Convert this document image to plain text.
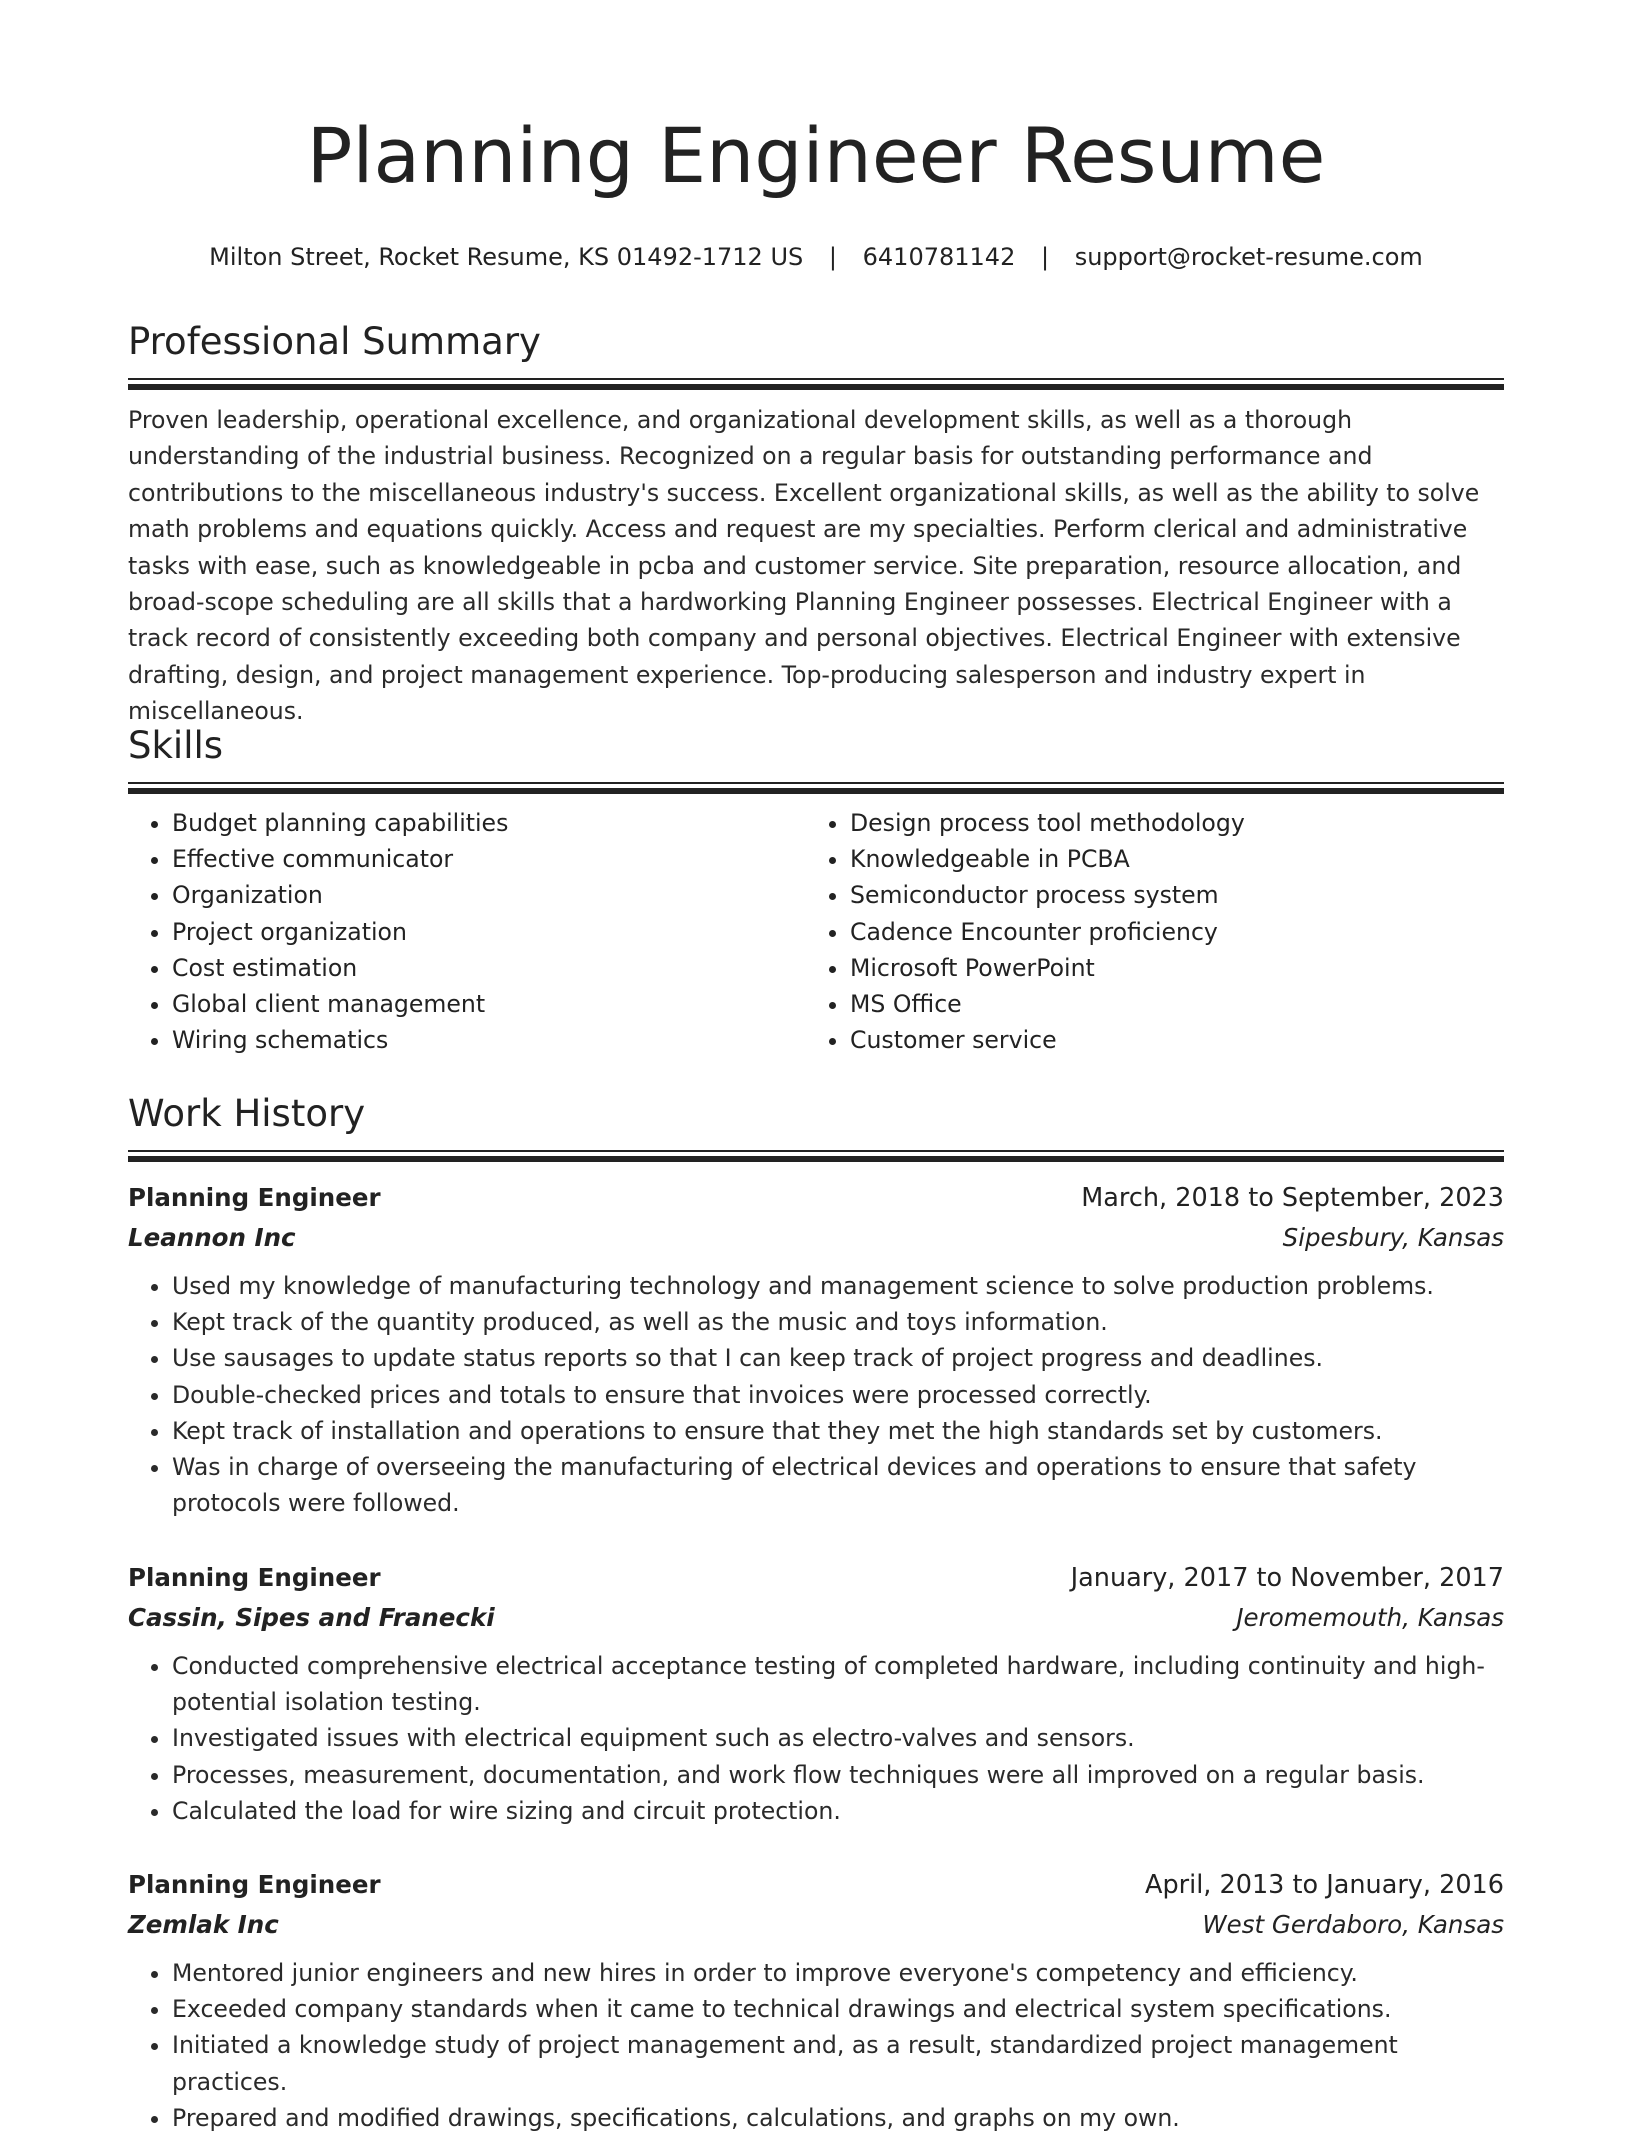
Planning Engineer Resume
Milton Street, Rocket Resume, KS 01492-1712 US | 6410781142 | support@rocket-resume.com
Professional Summary
Proven leadership, operational excellence, and organizational development skills, as well as a thorough understanding of the industrial business. Recognized on a regular basis for outstanding performance and contributions to the miscellaneous industry's success. Excellent organizational skills, as well as the ability to solve math problems and equations quickly. Access and request are my specialties. Perform clerical and administrative tasks with ease, such as knowledgeable in pcba and customer service. Site preparation, resource allocation, and broad-scope scheduling are all skills that a hardworking Planning Engineer possesses. Electrical Engineer with a track record of consistently exceeding both company and personal objectives. Electrical Engineer with extensive drafting, design, and project management experience. Top-producing salesperson and industry expert in miscellaneous.
Skills
• Budget planning capabilities
• Effective communicator
• Organization
• Project organization
• Cost estimation
• Global client management
• Wiring schematics
• Design process tool methodology
• Knowledgeable in PCBA
• Semiconductor process system
• Cadence Encounter proficiency
• Microsoft PowerPoint
• MS Office
• Customer service
Work History
Planning Engineer	March, 2018 to September, 2023
Leannon Inc	Sipesbury, Kansas
• Used my knowledge of manufacturing technology and management science to solve production problems.
• Kept track of the quantity produced, as well as the music and toys information.
• Use sausages to update status reports so that I can keep track of project progress and deadlines.
• Double-checked prices and totals to ensure that invoices were processed correctly.
• Kept track of installation and operations to ensure that they met the high standards set by customers.
• Was in charge of overseeing the manufacturing of electrical devices and operations to ensure that safety protocols were followed.
Planning Engineer	January, 2017 to November, 2017
Cassin, Sipes and Franecki	Jeromemouth, Kansas
• Conducted comprehensive electrical acceptance testing of completed hardware, including continuity and high-potential isolation testing.
• Investigated issues with electrical equipment such as electro-valves and sensors.
• Processes, measurement, documentation, and work flow techniques were all improved on a regular basis.
• Calculated the load for wire sizing and circuit protection.
Planning Engineer	April, 2013 to January, 2016
Zemlak Inc	West Gerdaboro, Kansas
• Mentored junior engineers and new hires in order to improve everyone's competency and efficiency.
• Exceeded company standards when it came to technical drawings and electrical system specifications.
• Initiated a knowledge study of project management and, as a result, standardized project management practices.
• Prepared and modified drawings, specifications, calculations, and graphs on my own.
